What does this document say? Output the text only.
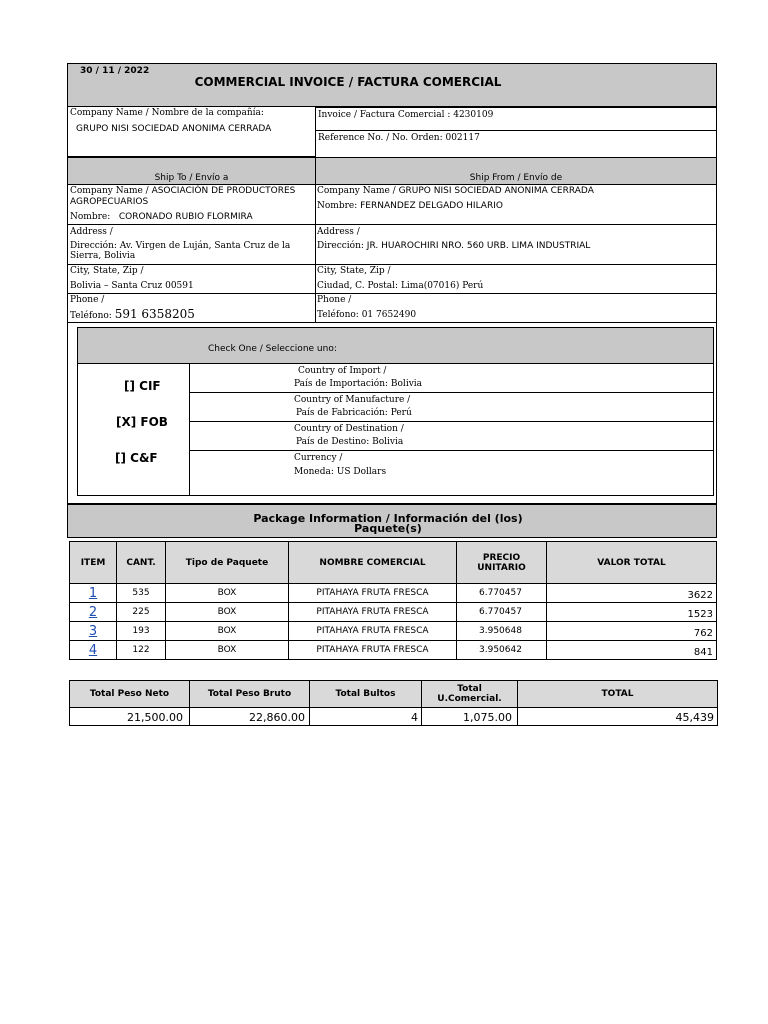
30 / 11 / 2022
COMMERCIAL INVOICE / FACTURA COMERCIAL
Company Name / Nombre de la compañía:
GRUPO NISI SOCIEDAD ANONIMA CERRADA
Invoice / Factura Comercial : 4230109
Reference No. / No. Orden: 002117
Ship To / Envío a	Ship From / Envío de
Company Name / ASOCIACIÓN DE PRODUCTORES AGROPECUARIOS
Nombre: CORONADO RUBIO FLORMIRA
Address /
Dirección: Av. Virgen de Luján, Santa Cruz de la Sierra, Bolivia
City, State, Zip /
Bolivia – Santa Cruz 00591
Phone /
Teléfono: 591 6358205
Company Name / GRUPO NISI SOCIEDAD ANONIMA CERRADA
Nombre: FERNANDEZ DELGADO HILARIO
Address /
Dirección: JR. HUAROCHIRI NRO. 560 URB. LIMA INDUSTRIAL
City, State, Zip /
Ciudad, C. Postal: Lima(07016) Perú
Phone /
Teléfono: 01 7652490
Check One / Seleccione uno:
[] CIF
[X] FOB
[] C&F
Country of Import /
País de Importación: Bolivia
Country of Manufacture /
País de Fabricación: Perú
Country of Destination /
País de Destino: Bolivia
Currency /
Moneda: US Dollars
Package Information / Información del (los) Paquete(s)
ITEM	CANT.	Tipo de Paquete	NOMBRE COMERCIAL	PRECIO UNITARIO	VALOR TOTAL
1	535	BOX	PITAHAYA FRUTA FRESCA	6.770457	3622
2	225	BOX	PITAHAYA FRUTA FRESCA	6.770457	1523
3	193	BOX	PITAHAYA FRUTA FRESCA	3.950648	762
4	122	BOX	PITAHAYA FRUTA FRESCA	3.950642	841
Total Peso Neto	Total Peso Bruto	Total Bultos	Total U.Comercial.	TOTAL
21,500.00	22,860.00	4	1,075.00	45,439
